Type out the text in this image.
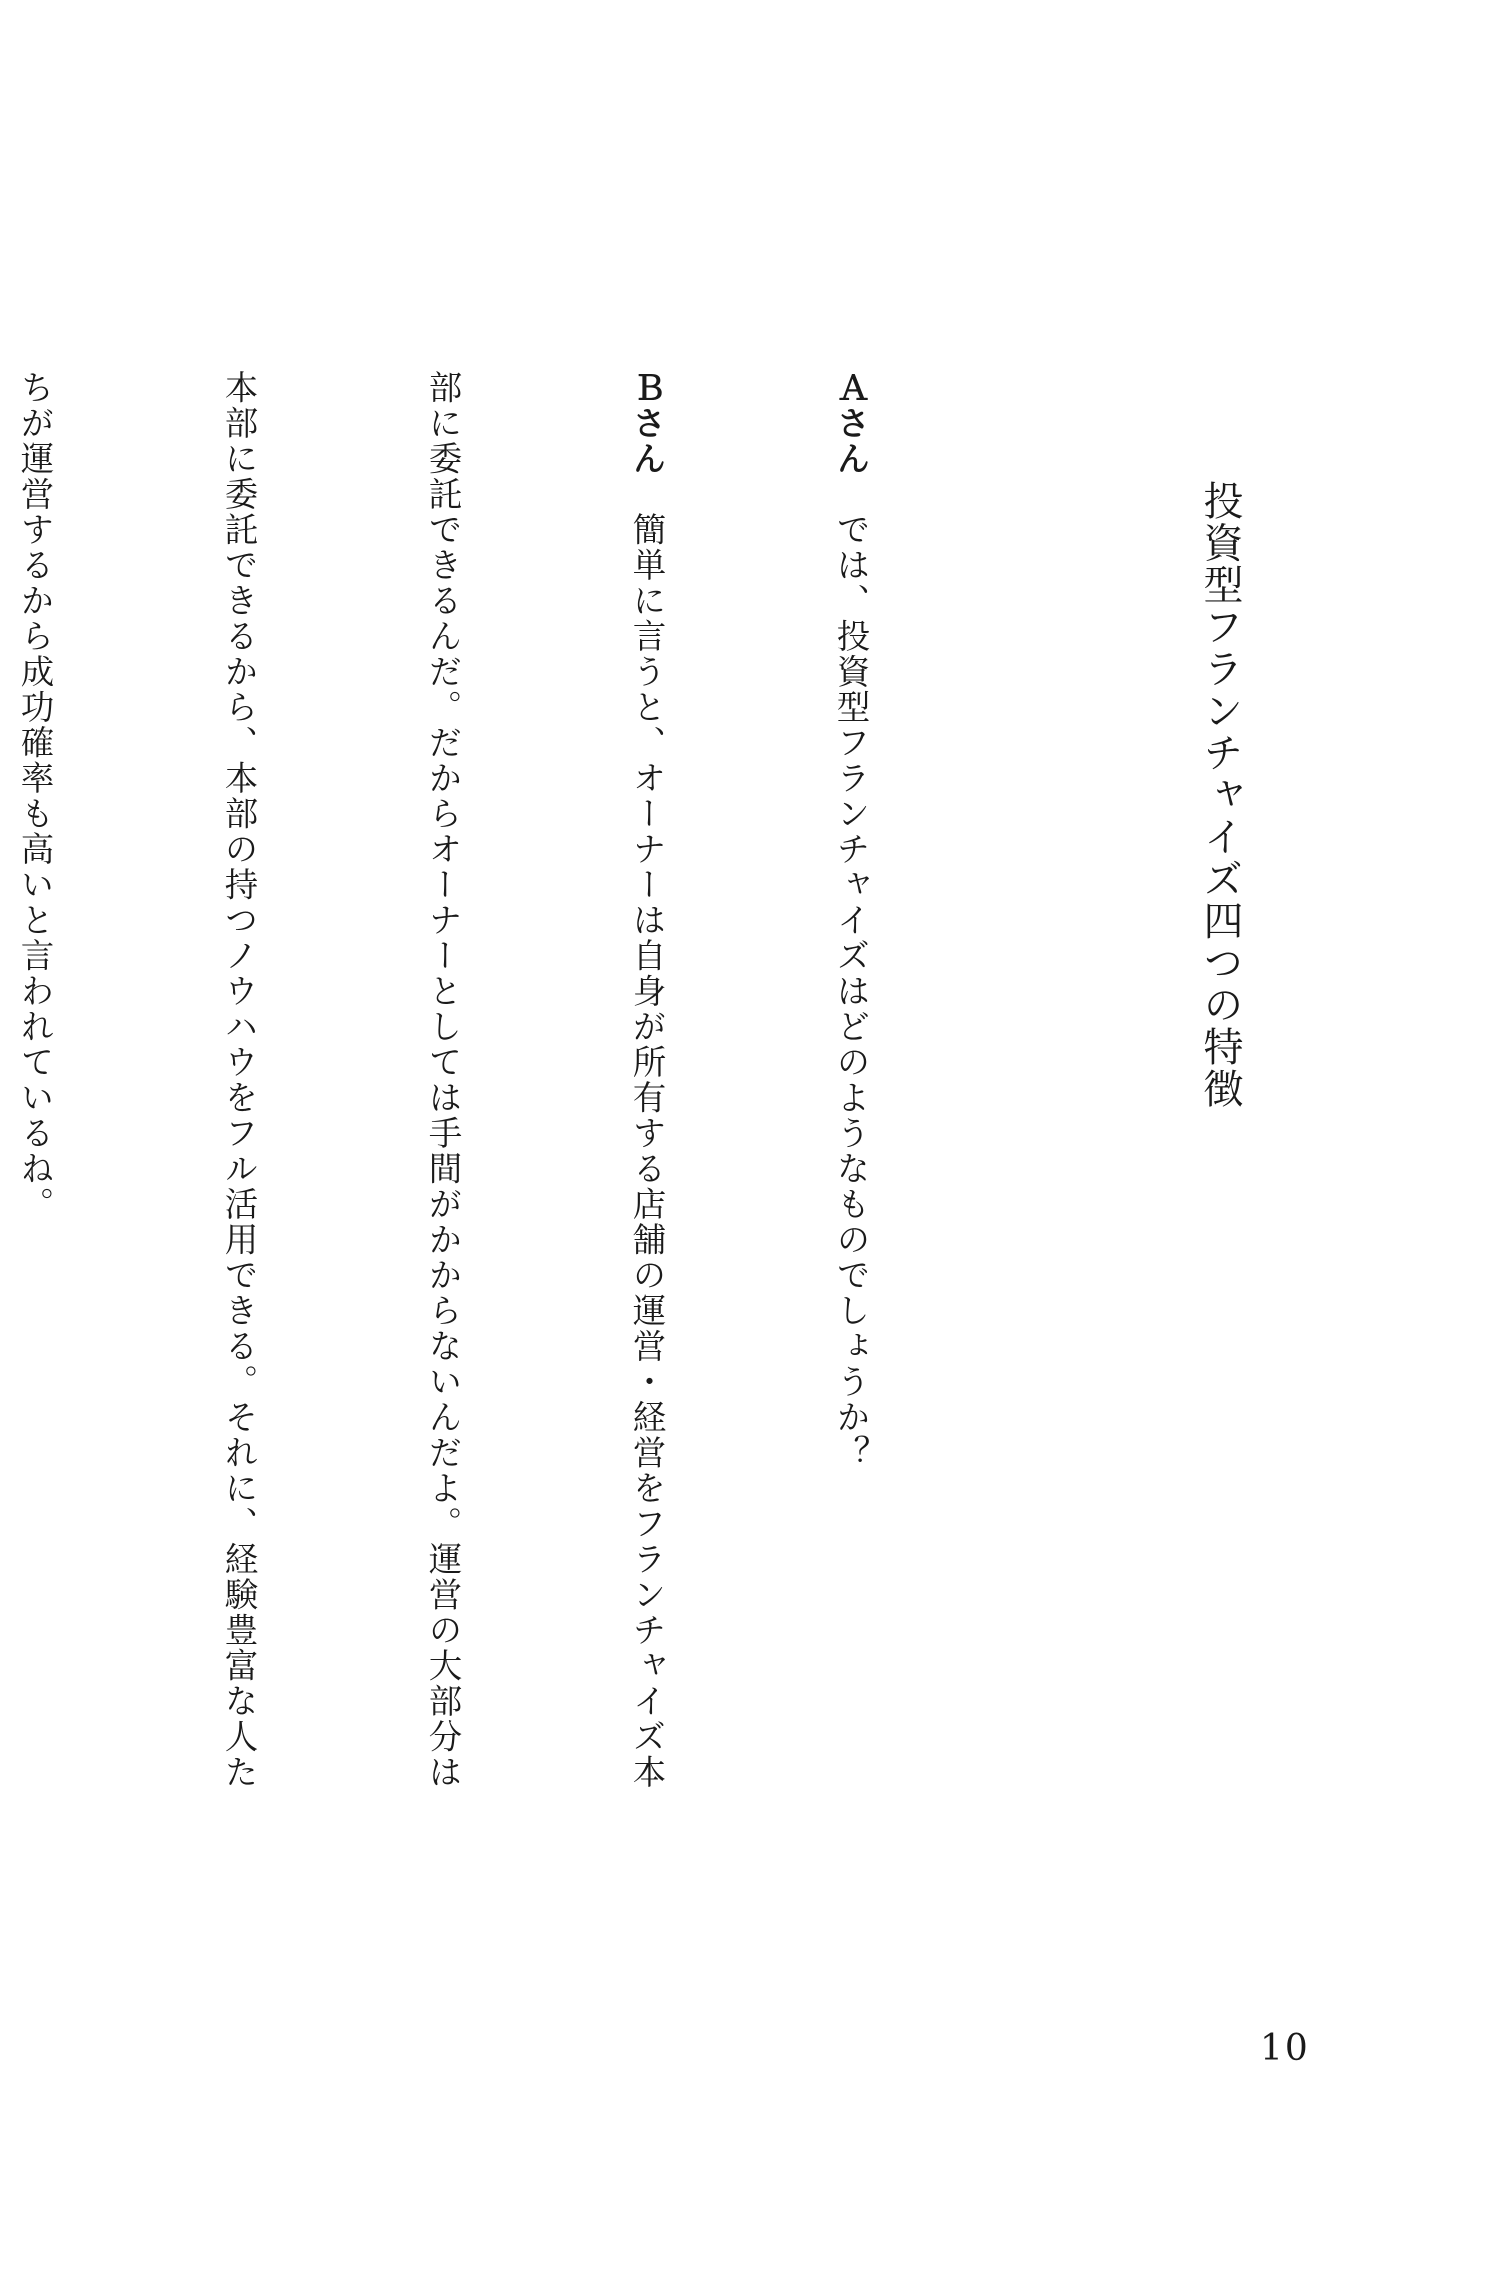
投資型フランチャイズ四つの特徴

Ａさん　では、投資型フランチャイズはどのようなものでしょうか？

Ｂさん　簡単に言うと、オーナーは自身が所有する店舗の運営・経営をフランチャイズ本

部に委託できるんだ。だからオーナーとしては手間がかからないんだよ。運営の大部分は

本部に委託できるから、本部の持つノウハウをフル活用できる。それに、経験豊富な人た

ちが運営するから成功確率も高いと言われているね。

10
